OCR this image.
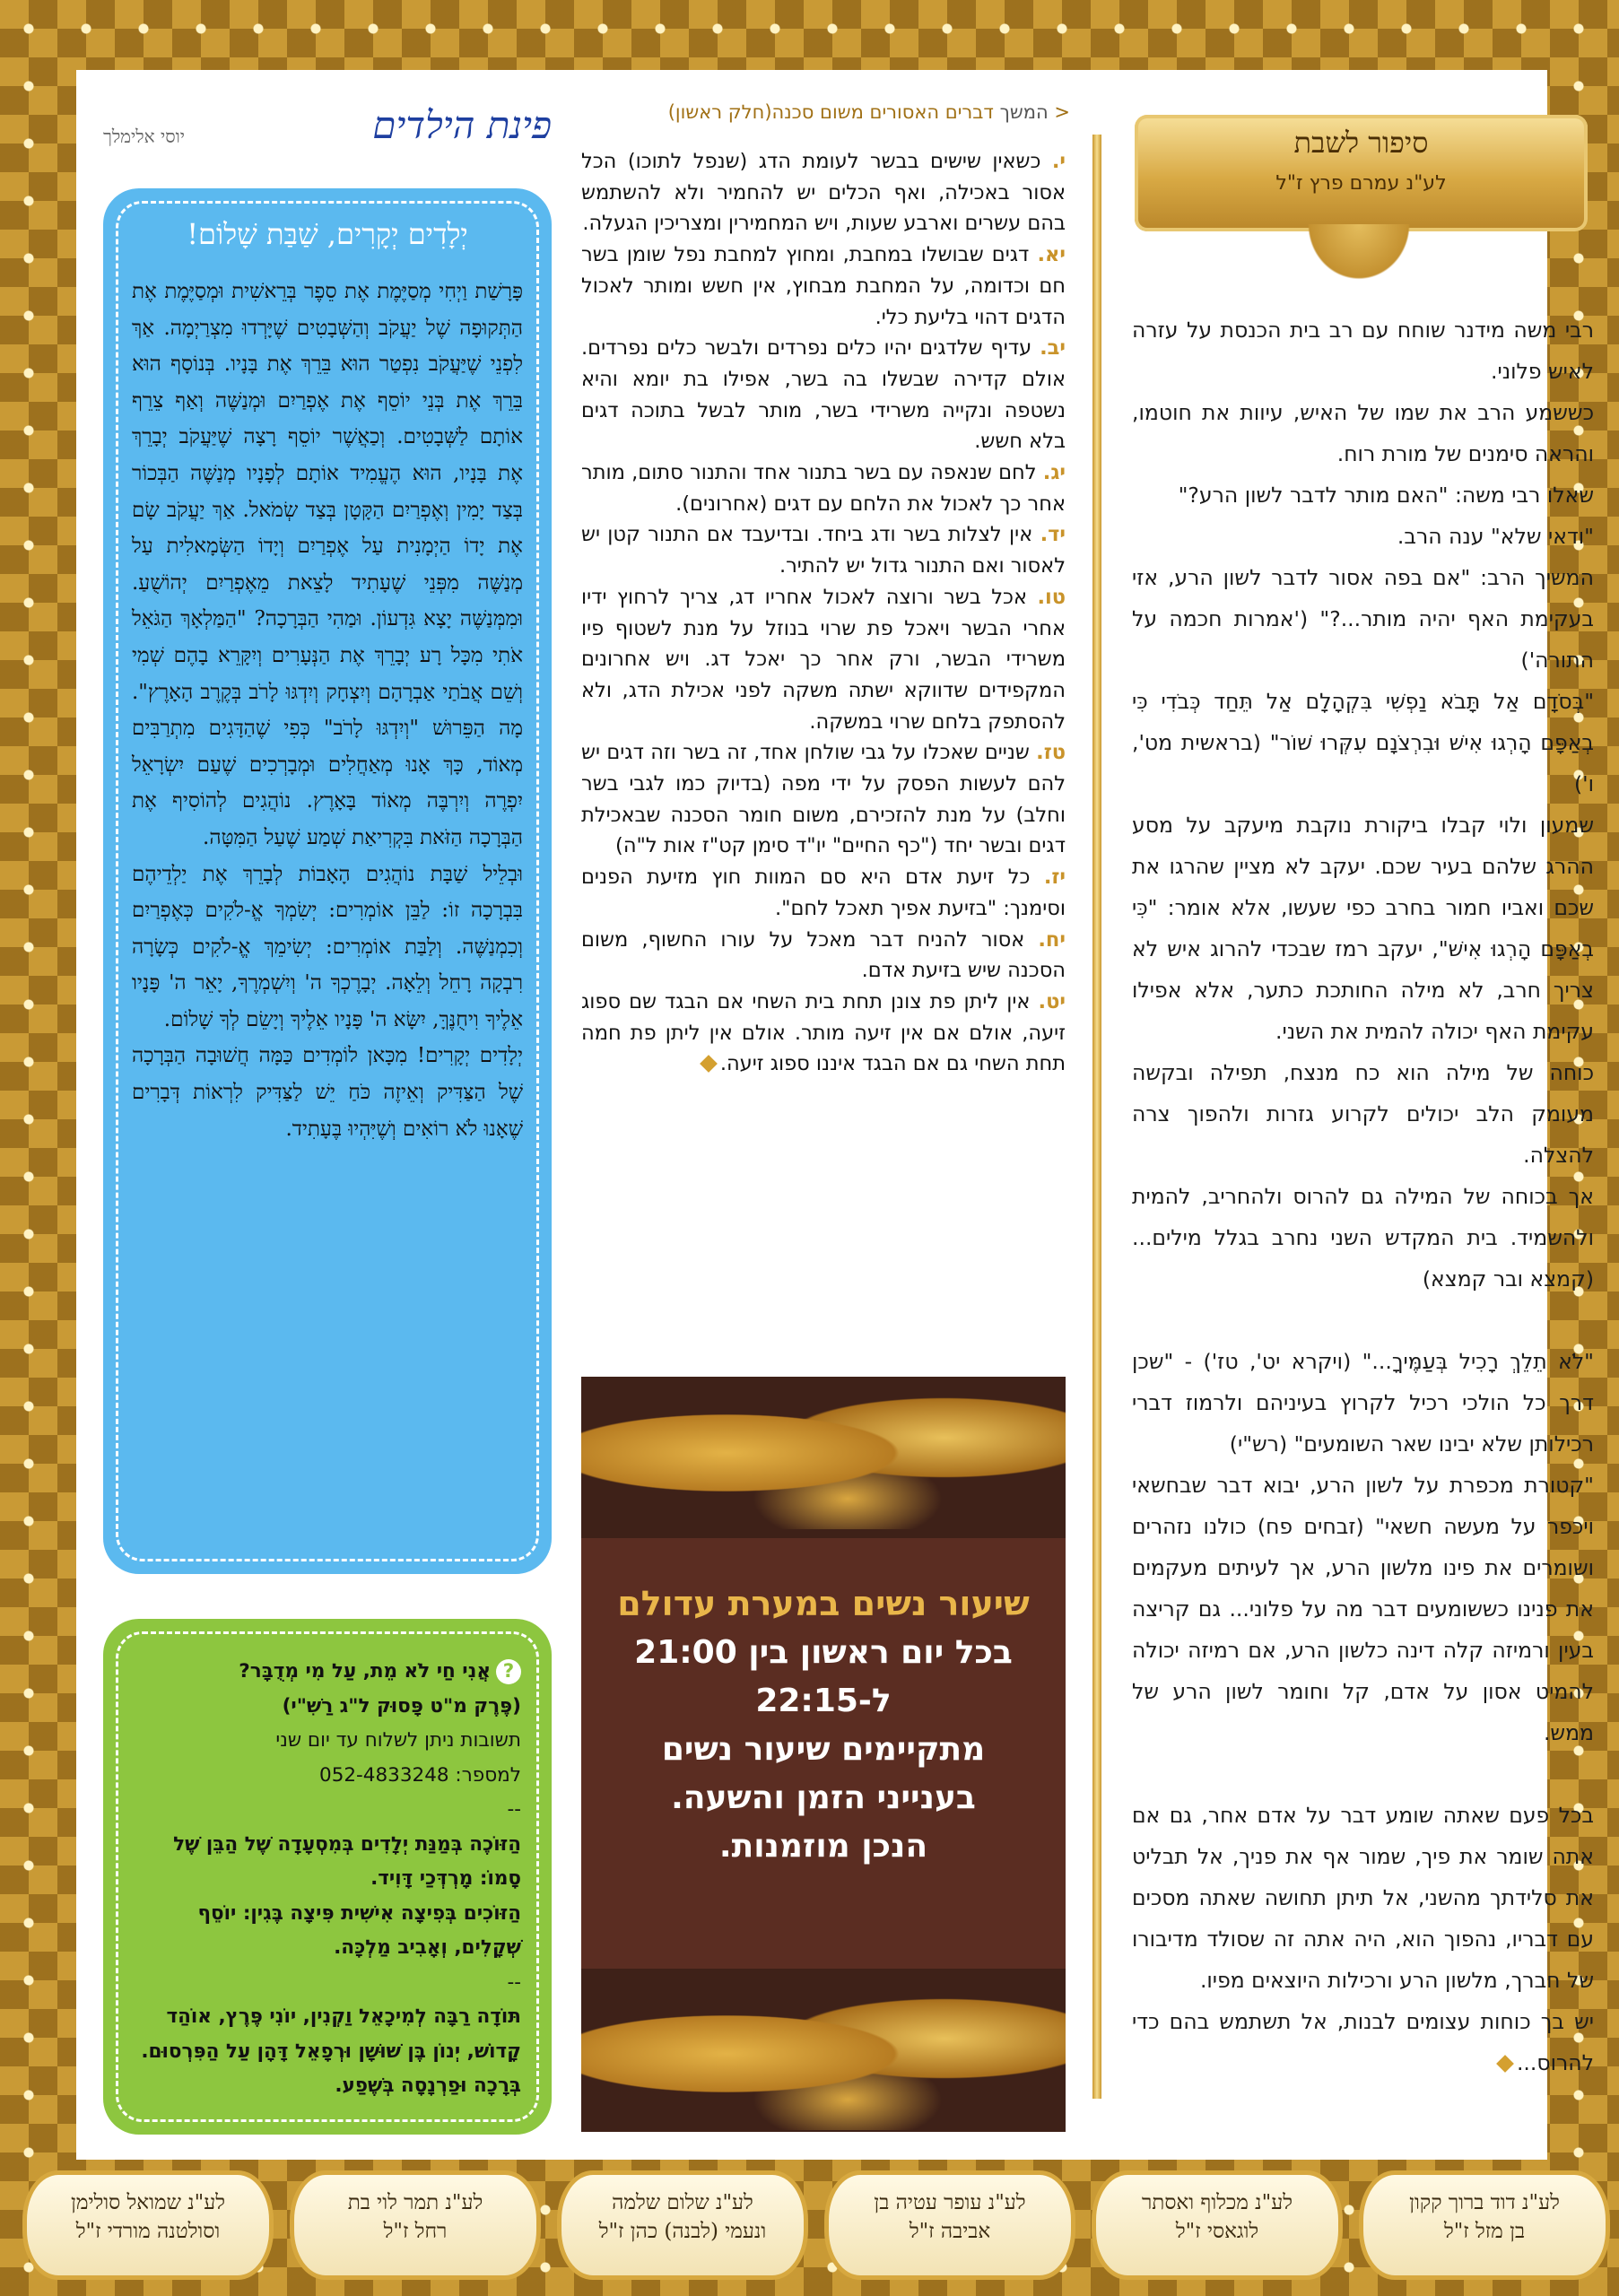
סיפור לשבת
לע"נ עמרם פרץ ז"ל

רבי משה מידנר שוחח עם רב בית הכנסת על עזרה לאיש פלוני.

כששמע הרב את שמו של האיש, עיוות את חוטמו, והראה סימנים של מורת רוח.

שאלו רבי משה: "האם מותר לדבר לשון הרע?"

"ודאי שלא" ענה הרב.

המשיך הרב: "אם בפה אסור לדבר לשון הרע, אזי בעקימת האף יהיה מותר...?" ('אמרות חכמה על התורה')

"בְּסֹדָם אַל תָּבֹא נַפְשִׁי בִּקְהָלָם אַל תֵּחַד כְּבֹדִי כִּי בְאַפָּם הָרְגוּ אִישׁ וּבִרְצֹנָם עִקְּרוּ שׁוֹר" (בראשית מט', ו')

שמעון ולוי קבלו ביקורת נוקבת מיעקב על מסע ההרג שלהם בעיר שכם. יעקב לא מציין שהרגו את שכם ואביו חמור בחרב כפי שעשו, אלא אומר: "כִּי בְאַפָּם הָרְגוּ אִישׁ", יעקב רמז שבכדי להרוג איש לא צריך חרב, לא מילה החותכת כתער, אלא אפילו עקימת האף יכולה להמית את השני.

כוחה של מילה הוא כח מנצח, תפילה ובקשה מעומק הלב יכולים לקרוע גזרות ולהפוך צרה להצלה.

אך בכוחה של המילה גם להרוס ולהחריב, להמית ולהשמיד. בית המקדש השני נחרב בגלל מילים... (קמצא ובר קמצא)

"לֹא תֵלֵךְ רָכִיל בְּעַמֶּיךָ..." (ויקרא יט', טז') - "שכן דרך כל הולכי רכיל לקרוץ בעיניהם ולרמוז דברי רכילותן שלא יבינו שאר השומעים" (רש"י)

"קטורת מכפרת על לשון הרע, יבוא דבר שבחשאי ויכפר על מעשה חשאי" (זבחים פח) כולנו נזהרים ושומרים את פינו מלשון הרע, אך לעיתים מעקמים את פנינו כששומעים דבר מה על פלוני... גם קריצה בעין ורמיזה קלה דינה כלשון הרע, אם רמיזה יכולה להמיט אסון על אדם, קל וחומר לשון הרע של ממש.

בכל פעם שאתה שומע דבר על אדם אחר, גם אם אתה שומר את פיך, שמור אף את פניך, אל תבליט את סלידתך מהשני, אל תיתן תחושה שאתה מסכים עם דבריו, נהפוך הוא, היה אתה זה שסולד מדיבורו של חברך, מלשון הרע ורכילות היוצאים מפיו.

יש בך כוחות עצומים לבנות, אל תשתמש בהם כדי להרוס...

< המשך דברים האסורים משום סכנה(חלק ראשון)

י. כשאין שישים בבשר לעומת הדג (שנפל לתוכו) הכל אסור באכילה, ואף הכלים יש להחמיר ולא להשתמש בהם עשרים וארבע שעות, ויש המחמירין ומצריכין הגעלה.

יא. דגים שבושלו במחבת, ומחוץ למחבת נפל שומן בשר חם וכדומה, על המחבת מבחוץ, אין חשש ומותר לאכול הדגים דהוי בליעת כלי.

יב. עדיף שלדגים יהיו כלים נפרדים ולבשר כלים נפרדים. אולם קדירה שבשלו בה בשר, אפילו בת יומא והיא נשטפה ונקייה משרידי בשר, מותר לבשל בתוכה דגים בלא חשש.

יג. לחם שנאפה עם בשר בתנור אחד והתנור סתום, מותר אחר כך לאכול את הלחם עם דגים (אחרונים).

יד. אין לצלות בשר ודג ביחד. ובדיעבד אם התנור קטן יש לאסור ואם התנור גדול יש להתיר.

טו. אכל בשר ורוצה לאכול אחריו דג, צריך לרחוץ ידיו אחרי הבשר ויאכל פת שרוי בנוזל על מנת לשטוף פיו משרידי הבשר, ורק אחר כך יאכל דג. ויש אחרונים המקפידים שדווקא ישתה משקה לפני אכילת הדג, ולא להסתפק בלחם שרוי במשקה.

טז. שניים שאכלו על גבי שולחן אחד, זה בשר וזה דגים יש להם לעשות הפסק על ידי מפה (בדיוק כמו לגבי בשר וחלב) על מנת להזכירם, משום חומר הסכנה שבאכילת דגים ובשר יחד ("כף החיים" יו"ד סימן קט"ז אות ל"ה)

יז. כל זיעת אדם היא סם המוות חוץ מזיעת הפנים וסימנך: "בזיעת אפיך תאכל לחם".

יח. אסור להניח דבר מאכל על עורו החשוף, משום הסכנה שיש בזיעת אדם.

יט. אין ליתן פת צונן תחת בית השחי אם הבגד שם ספוג זיעה, אולם אם אין זיעה מותר. אולם אין ליתן פת חמה תחת השחי גם אם הבגד איננו ספוג זיעה.

שיעור נשים במערת עדולם
בכל יום ראשון בין 21:00
ל-22:15
מתקיימים שיעור נשים
בענייני הזמן והשעה.
הנכן מוזמנות.
פינת הילדים
יוסי אלימלך
יְלָדִים יְקָרִים, שַׁבַּת שָׁלוֹם!

פָּרָשַׁת וַיְחִי מְסַיֶּמֶת אֶת סֵפֶר בְּרֵאשִׁית וּמְסַיֶּמֶת אֶת הַתְּקוּפָה שֶׁל יַעֲקֹב וְהַשְּׁבָטִים שֶׁיָּרְדוּ מִצְרַיְמָה. אַךְ לִפְנֵי שֶׁיַּעֲקֹב נִפְטַר הוּא בֵּרֵךְ אֶת בָּנָיו. בְּנוֹסָף הוּא בֵּרֵךְ אֶת בְּנֵי יוֹסֵף אֶת אֶפְרַיִם וּמְנַשֶּׁה וְאַף צֵרֵף אוֹתָם לַשְּׁבָטִים. וְכַאֲשֶׁר יוֹסֵף רָצָה שֶׁיַּעֲקֹב יְבָרֵךְ אֶת בָּנָיו, הוּא הֶעֱמִיד אוֹתָם לְפָנָיו מְנַשֶּׁה הַבְּכוֹר בְּצַד יָמִין וְאֶפְרַיִם הַקָּטָן בְּצַד שְׂמֹאל. אַךְ יַעֲקֹב שָׂם אֶת יָדוֹ הַיְמָנִית עַל אֶפְרַיִם וְיָדוֹ הַשְּׂמָאלִית עַל מְנַשֶּׁה מִפְּנֵי שֶׁעָתִיד לָצֵאת מֵאֶפְרַיִם יְהוֹשֻׁעַ. וּמִמְּנַשֶּׁה יָצָא גִּדְעוֹן. וּמַהִי הַבְּרָכָה? "הַמַּלְאָךְ הַגֹּאֵל אֹתִי מִכָּל רָע יְבָרֵךְ אֶת הַנְּעָרִים וְיִקָּרֵא בָהֶם שְׁמִי וְשֵׁם אֲבֹתַי אַבְרָהָם וְיִצְחָק וְיִדְגּוּ לָרֹב בְּקֶרֶב הָאָרֶץ". מָה הַפֵּרוּשׁ "וְיִדְגּוּ לָרֹב" כְּפִי שֶׁהַדָּגִים מִתְרַבִּים מְאוֹד, כָּךְ אָנוּ מְאַחֲלִים וּמְבָרְכִים שֶׁעַם יִשְׂרָאֵל יִפְרֶה וְיִרְבֶּה מְאוֹד בָּאָרֶץ. נוֹהֲגִים לְהוֹסִיף אֶת הַבְּרָכָה הַזֹּאת בִּקְרִיאַת שְׁמַע שֶׁעַל הַמִּטָּה.

וּבְלֵיל שַׁבָּת נוֹהֲגִים הָאָבוֹת לְבָרֵךְ אֶת יַלְדֵיהֶם בִּבְרָכָה זוֹ: לַבֵּן אוֹמְרִים: יְשִׂמְךָ אֱ-לֹקִים כְּאֶפְרַיִם וְכִמְנַשֶּׁה. וְלַבַּת אוֹמְרִים: יְשִׂימֵךְ אֱ-לֹקִים כְּשָׂרָה רִבְקָה רָחֵל וְלֵאָה. יְבָרֶכְךָ ה' וְיִשְׁמְרֶךָ, יָאֵר ה' פָּנָיו אֵלֶיךָ וִיחֻנֶּךָּ, יִשָּׂא ה' פָּנָיו אֵלֶיךָ וְיָשֵׂם לְךָ שָׁלוֹם.

יְלָדִים יְקָרִים! מִכָּאן לוֹמְדִים כַּמָּה חֲשׁוּבָה הַבְּרָכָה שֶׁל הַצַּדִּיק וְאֵיזֶה כֹּחַ יֵשׁ לַצַּדִּיק לִרְאוֹת דְּבָרִים שֶׁאָנוּ לֹא רוֹאִים וְשֶׁיִּהְיוּ בֶּעָתִיד.

?אֲנִי חַי לֹא מֵת, עַל מִי מְדֻבָּר?

(פֶּרֶק מ"ט פָּסוּק ל"ג רַשִׁ"י)

תשובות ניתן לשלוח עד יום שני

למספר: 052-4833248

--

הַזּוֹכֶה בְּמַנַּת יְלָדִים בְּמִסְעָדָה שֶׁל הַבֵּן שֶׁל סָמוֹ: מָרְדְּכַי דָּוִיד.

הַזּוֹכִים בְּפִיצָה אִישִׁית פִּיצָה בֶּגִין: יוֹסֵף שְׁקָלִים, וְאָבִיב מַלְכָּה.

--

תּוֹדָה רַבָּה לְמִיכָאֵל וַקְנִין, יוֹנִי פֶּרֶץ, אוֹהַד קָדוֹשׁ, יְנוֹן בֶּן שׁוּשָׁן וּרְפָאֵל דָּהָן עַל הַפִּרְסוּם. בְּרָכָה וּפַרְנָסָה בְּשֶׁפַע.

לע"נ דוד ברוך קקון
בן מזל ז"ל
לע"נ מכלוף ואסתר
לוגאסי ז"ל
לע"נ עופר עטיה בן
אביבה ז"ל
לע"נ שלום שלמה
ונעמי (לבנה) כהן ז"ל
לע"נ תמר לוי בת
רחל ז"ל
לע"נ שמואל סולימן
וסולטנה מורדי ז"ל
